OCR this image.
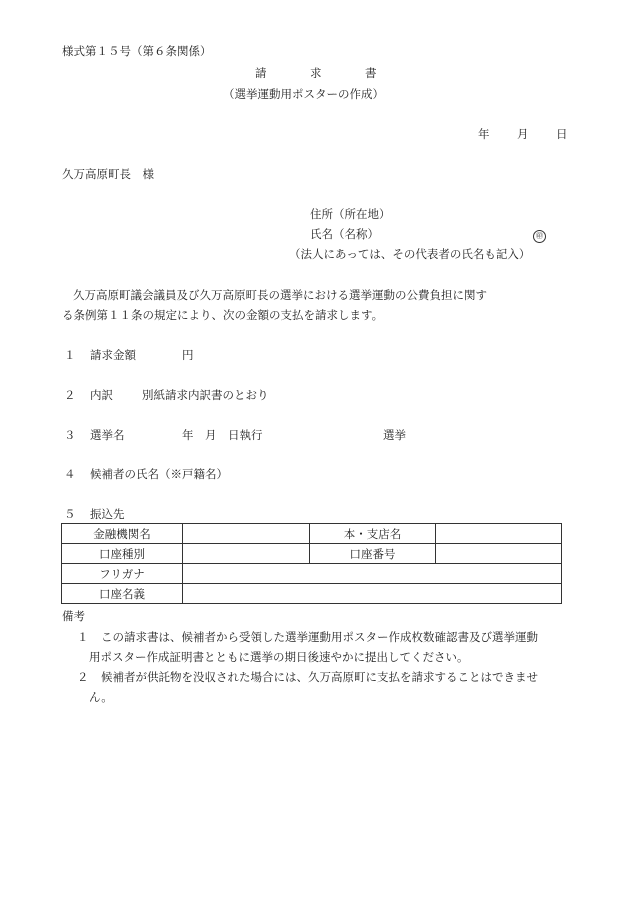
様式第１５号（第６条関係）
請	求	書
（選挙運動用ポスターの作成）
年 月 日
久万高原町長　様
住所（所在地）
氏名（名称）	㊞
（法人にあっては、その代表者の氏名も記入）
久万高原町議会議員及び久万高原町長の選挙における選挙運動の公費負担に関す
る条例第１１条の規定により、次の金額の支払を請求します。
１ 請求金額	円
２ 内訳	別紙請求内訳書のとおり
３ 選挙名	年　月　日執行	選挙
４ 候補者の氏名（※戸籍名）
５ 振込先
金融機関名		本・支店名	
口座種別		口座番号	
フリガナ			
口座名義			
備考
１ この請求書は、候補者から受領した選挙運動用ポスター作成枚数確認書及び選挙運動
用ポスター作成証明書とともに選挙の期日後速やかに提出してください。
２ 候補者が供託物を没収された場合には、久万高原町に支払を請求することはできませ
ん。
